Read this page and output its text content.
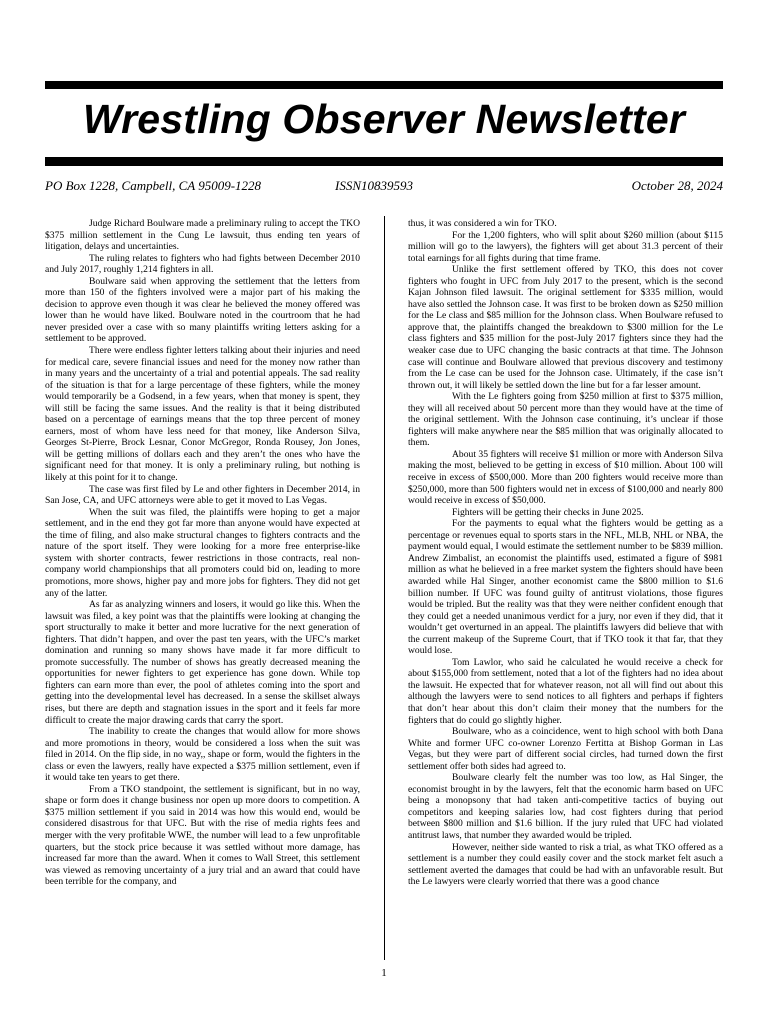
Wrestling Observer Newsletter
PO Box 1228, Campbell, CA 95009-1228	ISSN10839593	October 28, 2024

Judge Richard Boulware made a preliminary ruling to accept the TKO $375 million settlement in the Cung Le lawsuit, thus ending ten years of litigation, delays and uncertainties.

The ruling relates to fighters who had fights between December 2010 and July 2017, roughly 1,214 fighters in all.

Boulware said when approving the settlement that the letters from more than 150 of the fighters involved were a major part of his making the decision to approve even though it was clear he believed the money offered was lower than he would have liked. Boulware noted in the courtroom that he had never presided over a case with so many plaintiffs writing letters asking for a settlement to be approved.

There were endless fighter letters talking about their injuries and need for medical care, severe financial issues and need for the money now rather than in many years and the uncertainty of a trial and potential appeals. The sad reality of the situation is that for a large percentage of these fighters, while the money would temporarily be a Godsend, in a few years, when that money is spent, they will still be facing the same issues. And the reality is that it being distributed based on a percentage of earnings means that the top three percent of money earners, most of whom have less need for that money, like Anderson Silva, Georges St-Pierre, Brock Lesnar, Conor McGregor, Ronda Rousey, Jon Jones, will be getting millions of dollars each and they aren’t the ones who have the significant need for that money. It is only a preliminary ruling, but nothing is likely at this point for it to change.

The case was first filed by Le and other fighters in December 2014, in San Jose, CA, and UFC attorneys were able to get it moved to Las Vegas.

When the suit was filed, the plaintiffs were hoping to get a major settlement, and in the end they got far more than anyone would have expected at the time of filing, and also make structural changes to fighters contracts and the nature of the sport itself. They were looking for a more free enterprise-like system with shorter contracts, fewer restrictions in those contracts, real non-company world championships that all promoters could bid on, leading to more promotions, more shows, higher pay and more jobs for fighters. They did not get any of the latter.

As far as analyzing winners and losers, it would go like this. When the lawsuit was filed, a key point was that the plaintiffs were looking at changing the sport structurally to make it better and more lucrative for the next generation of fighters. That didn’t happen, and over the past ten years, with the UFC’s market domination and running so many shows have made it far more difficult to promote successfully. The number of shows has greatly decreased meaning the opportunities for newer fighters to get experience has gone down. While top fighters can earn more than ever, the pool of athletes coming into the sport and getting into the developmental level has decreased. In a sense the skillset always rises, but there are depth and stagnation issues in the sport and it feels far more difficult to create the major drawing cards that carry the sport.

The inability to create the changes that would allow for more shows and more promotions in theory, would be considered a loss when the suit was filed in 2014. On the flip side, in no way,, shape or form, would the fighters in the class or even the lawyers, really have expected a $375 million settlement, even if it would take ten years to get there.

From a TKO standpoint, the settlement is significant, but in no way, shape or form does it change business nor open up more doors to competition. A $375 million settlement if you said in 2014 was how this would end, would be considered disastrous for that UFC. But with the rise of media rights fees and merger with the very profitable WWE, the number will lead to a few unprofitable quarters, but the stock price because it was settled without more damage, has increased far more than the award. When it comes to Wall Street, this settlement was viewed as removing uncertainty of a jury trial and an award that could have been terrible for the company, and

thus, it was considered a win for TKO.

For the 1,200 fighters, who will split about $260 million (about $115 million will go to the lawyers), the fighters will get about 31.3 percent of their total earnings for all fights during that time frame.

Unlike the first settlement offered by TKO, this does not cover fighters who fought in UFC from July 2017 to the present, which is the second Kajan Johnson filed lawsuit. The original settlement for $335 million, would have also settled the Johnson case. It was first to be broken down as $250 million for the Le class and $85 million for the Johnson class. When Boulware refused to approve that, the plaintiffs changed the breakdown to $300 million for the Le class fighters and $35 million for the post-July 2017 fighters since they had the weaker case due to UFC changing the basic contracts at that time. The Johnson case will continue and Boulware allowed that previous discovery and testimony from the Le case can be used for the Johnson case. Ultimately, if the case isn’t thrown out, it will likely be settled down the line but for a far lesser amount.

With the Le fighters going from $250 million at first to $375 million, they will all received about 50 percent more than they would have at the time of the original settlement. With the Johnson case continuing, it’s unclear if those fighters will make anywhere near the $85 million that was originally allocated to them.

About 35 fighters will receive $1 million or more with Anderson Silva making the most, believed to be getting in excess of $10 million. About 100 will receive in excess of $500,000. More than 200 fighters would receive more than $250,000, more than 500 fighters would net in excess of $100,000 and nearly 800 would receive in excess of $50,000.

Fighters will be getting their checks in June 2025.

For the payments to equal what the fighters would be getting as a percentage or revenues equal to sports stars in the NFL, MLB, NHL or NBA, the payment would equal, I would estimate the settlement number to be $839 million. Andrew Zimbalist, an economist the plaintiffs used, estimated a figure of $981 million as what he believed in a free market system the fighters should have been awarded while Hal Singer, another economist came the $800 million to $1.6 billion number. If UFC was found guilty of antitrust violations, those figures would be tripled. But the reality was that they were neither confident enough that they could get a needed unanimous verdict for a jury, nor even if they did, that it wouldn’t get overturned in an appeal. The plaintiffs lawyers did believe that with the current makeup of the Supreme Court, that if TKO took it that far, that they would lose.

Tom Lawlor, who said he calculated he would receive a check for about $155,000 from settlement, noted that a lot of the fighters had no idea about the lawsuit. He expected that for whatever reason, not all will find out about this although the lawyers were to send notices to all fighters and perhaps if fighters that don’t hear about this don’t claim their money that the numbers for the fighters that do could go slightly higher.

Boulware, who as a coincidence, went to high school with both Dana White and former UFC co-owner Lorenzo Fertitta at Bishop Gorman in Las Vegas, but they were part of different social circles, had turned down the first settlement offer both sides had agreed to.

Boulware clearly felt the number was too low, as Hal Singer, the economist brought in by the lawyers, felt that the economic harm based on UFC being a monopsony that had taken anti-competitive tactics of buying out competitors and keeping salaries low, had cost fighters during that period between $800 million and $1.6 billion. If the jury ruled that UFC had violated antitrust laws, that number they awarded would be tripled.

However, neither side wanted to risk a trial, as what TKO offered as a settlement is a number they could easily cover and the stock market felt asuch a settlement averted the damages that could be had with an unfavorable result. But the Le lawyers were clearly worried that there was a good chance

1
